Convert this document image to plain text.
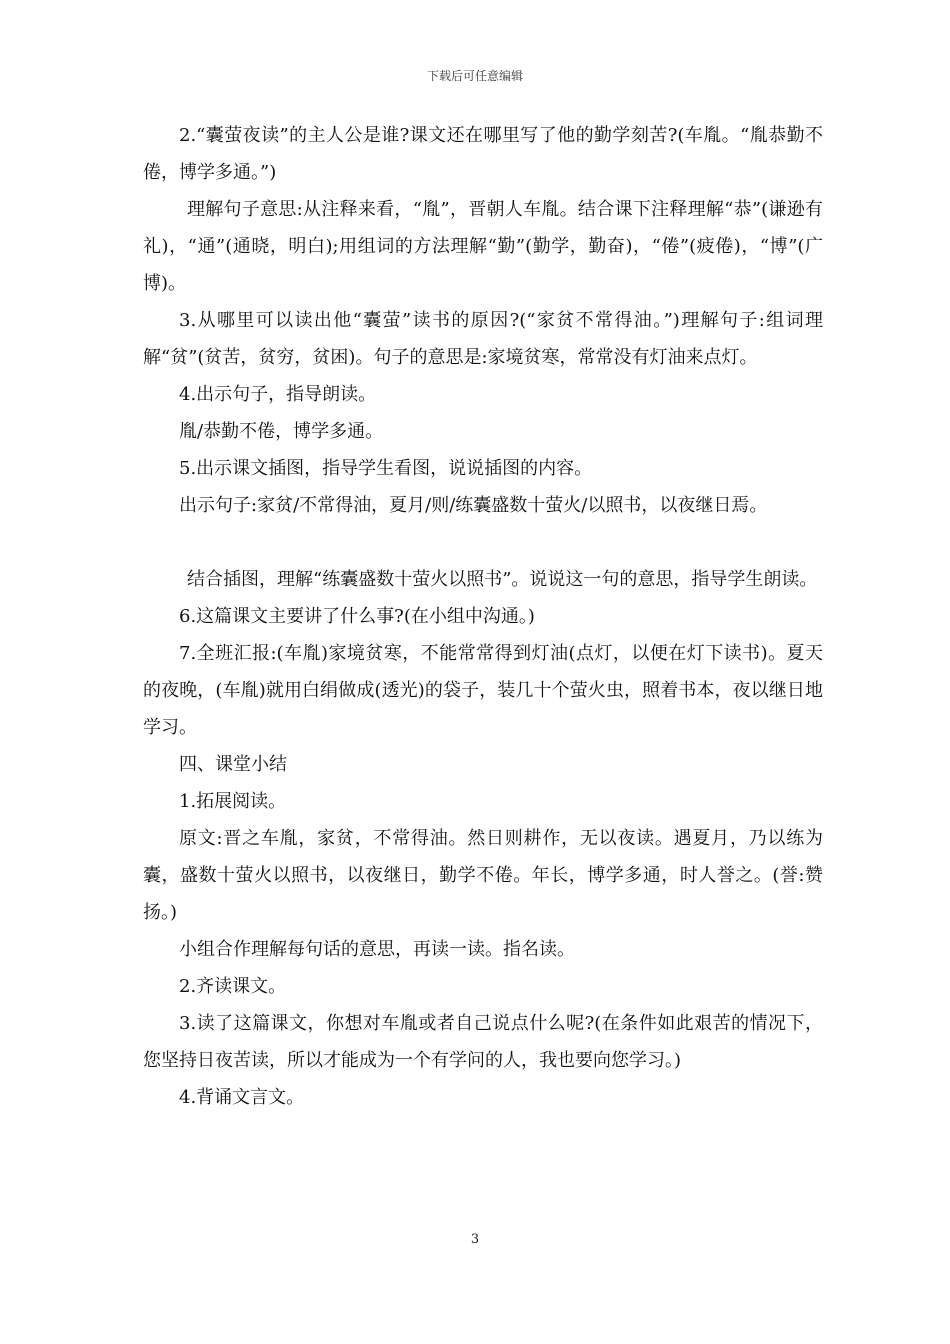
下载后可任意编辑

2.“囊萤夜读”的主人公是谁?课文还在哪里写了他的勤学刻苦?(车胤。“胤恭勤不倦，博学多通。”)

理解句子意思:从注释来看，“胤”，晋朝人车胤。结合课下注释理解“恭”(谦逊有礼)，“通”(通晓，明白);用组词的方法理解“勤”(勤学，勤奋)，“倦”(疲倦)，“博”(广博)。

3.从哪里可以读出他“囊萤”读书的原因?(“家贫不常得油。”)理解句子:组词理解“贫”(贫苦，贫穷，贫困)。句子的意思是:家境贫寒，常常没有灯油来点灯。

4.出示句子，指导朗读。

胤/恭勤不倦，博学多通。

5.出示课文插图，指导学生看图，说说插图的内容。

出示句子:家贫/不常得油，夏月/则/练囊盛数十萤火/以照书，以夜继日焉。

结合插图，理解“练囊盛数十萤火以照书”。说说这一句的意思，指导学生朗读。

6.这篇课文主要讲了什么事?(在小组中沟通。)

7.全班汇报:(车胤)家境贫寒，不能常常得到灯油(点灯，以便在灯下读书)。夏天的夜晚，(车胤)就用白绢做成(透光)的袋子，装几十个萤火虫，照着书本，夜以继日地学习。

四、课堂小结

1.拓展阅读。

原文:晋之车胤，家贫，不常得油。然日则耕作，无以夜读。遇夏月，乃以练为囊，盛数十萤火以照书，以夜继日，勤学不倦。年长，博学多通，时人誉之。(誉:赞扬。)

小组合作理解每句话的意思，再读一读。指名读。

2.齐读课文。

3.读了这篇课文，你想对车胤或者自己说点什么呢?(在条件如此艰苦的情况下，您坚持日夜苦读，所以才能成为一个有学问的人，我也要向您学习。)

4.背诵文言文。

3
